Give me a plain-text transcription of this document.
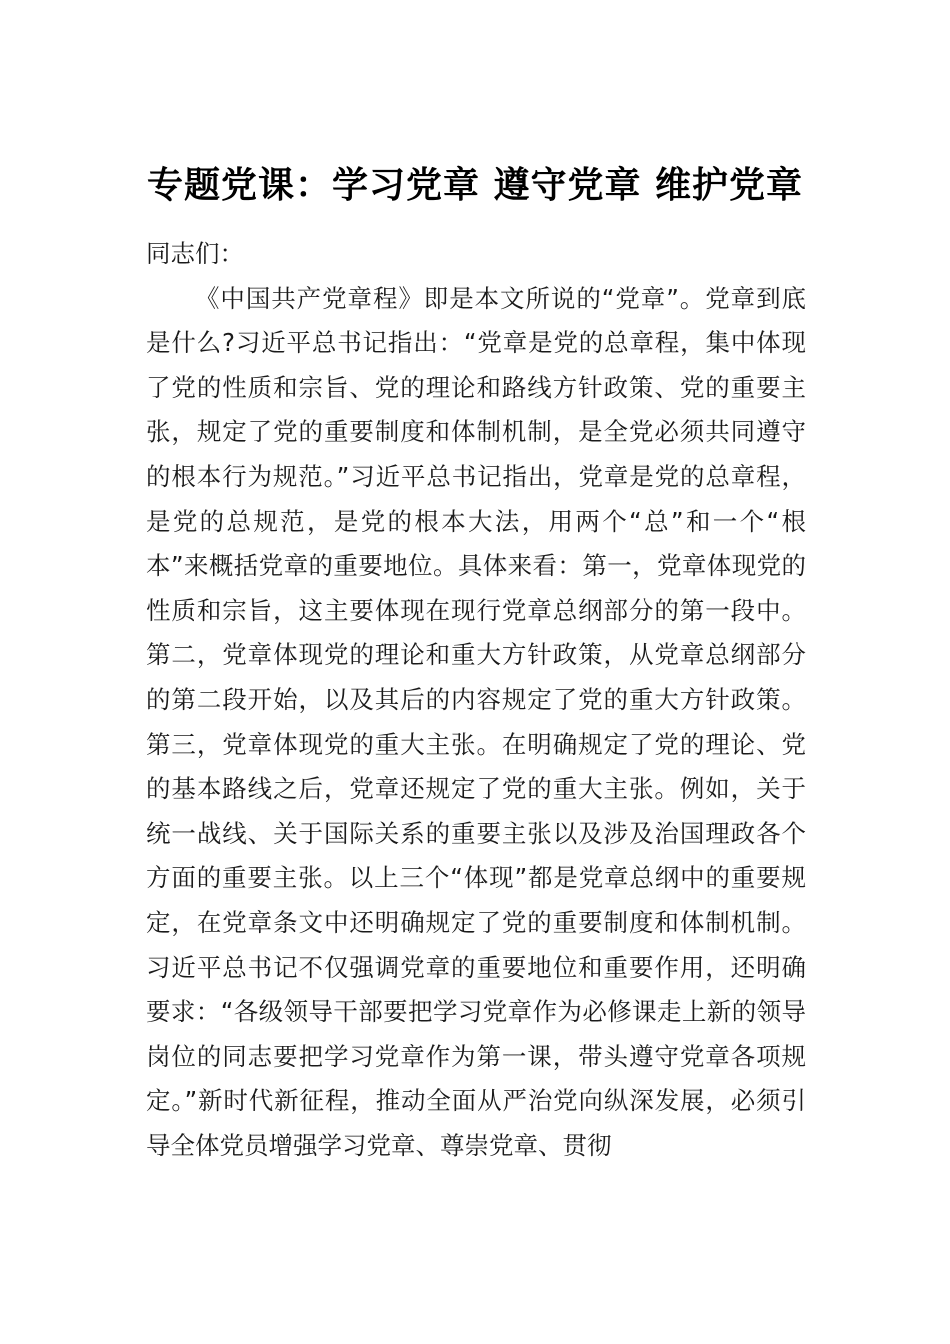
专题党课：学习党章 遵守党章 维护党章

同志们：

《中国共产党章程》即是本文所说的“党章”。党章到底是什么?习近平总书记指出：“党章是党的总章程，集中体现了党的性质和宗旨、党的理论和路线方针政策、党的重要主张，规定了党的重要制度和体制机制，是全党必须共同遵守的根本行为规范。”习近平总书记指出，党章是党的总章程，是党的总规范，是党的根本大法，用两个“总”和一个“根本”来概括党章的重要地位。具体来看：第一，党章体现党的性质和宗旨，这主要体现在现行党章总纲部分的第一段中。第二，党章体现党的理论和重大方针政策，从党章总纲部分的第二段开始，以及其后的内容规定了党的重大方针政策。第三，党章体现党的重大主张。在明确规定了党的理论、党的基本路线之后，党章还规定了党的重大主张。例如，关于统一战线、关于国际关系的重要主张以及涉及治国理政各个方面的重要主张。以上三个“体现”都是党章总纲中的重要规定，在党章条文中还明确规定了党的重要制度和体制机制。习近平总书记不仅强调党章的重要地位和重要作用，还明确要求：“各级领导干部要把学习党章作为必修课走上新的领导岗位的同志要把学习党章作为第一课，带头遵守党章各项规定。”新时代新征程，推动全面从严治党向纵深发展，必须引导全体党员增强学习党章、尊崇党章、贯彻
